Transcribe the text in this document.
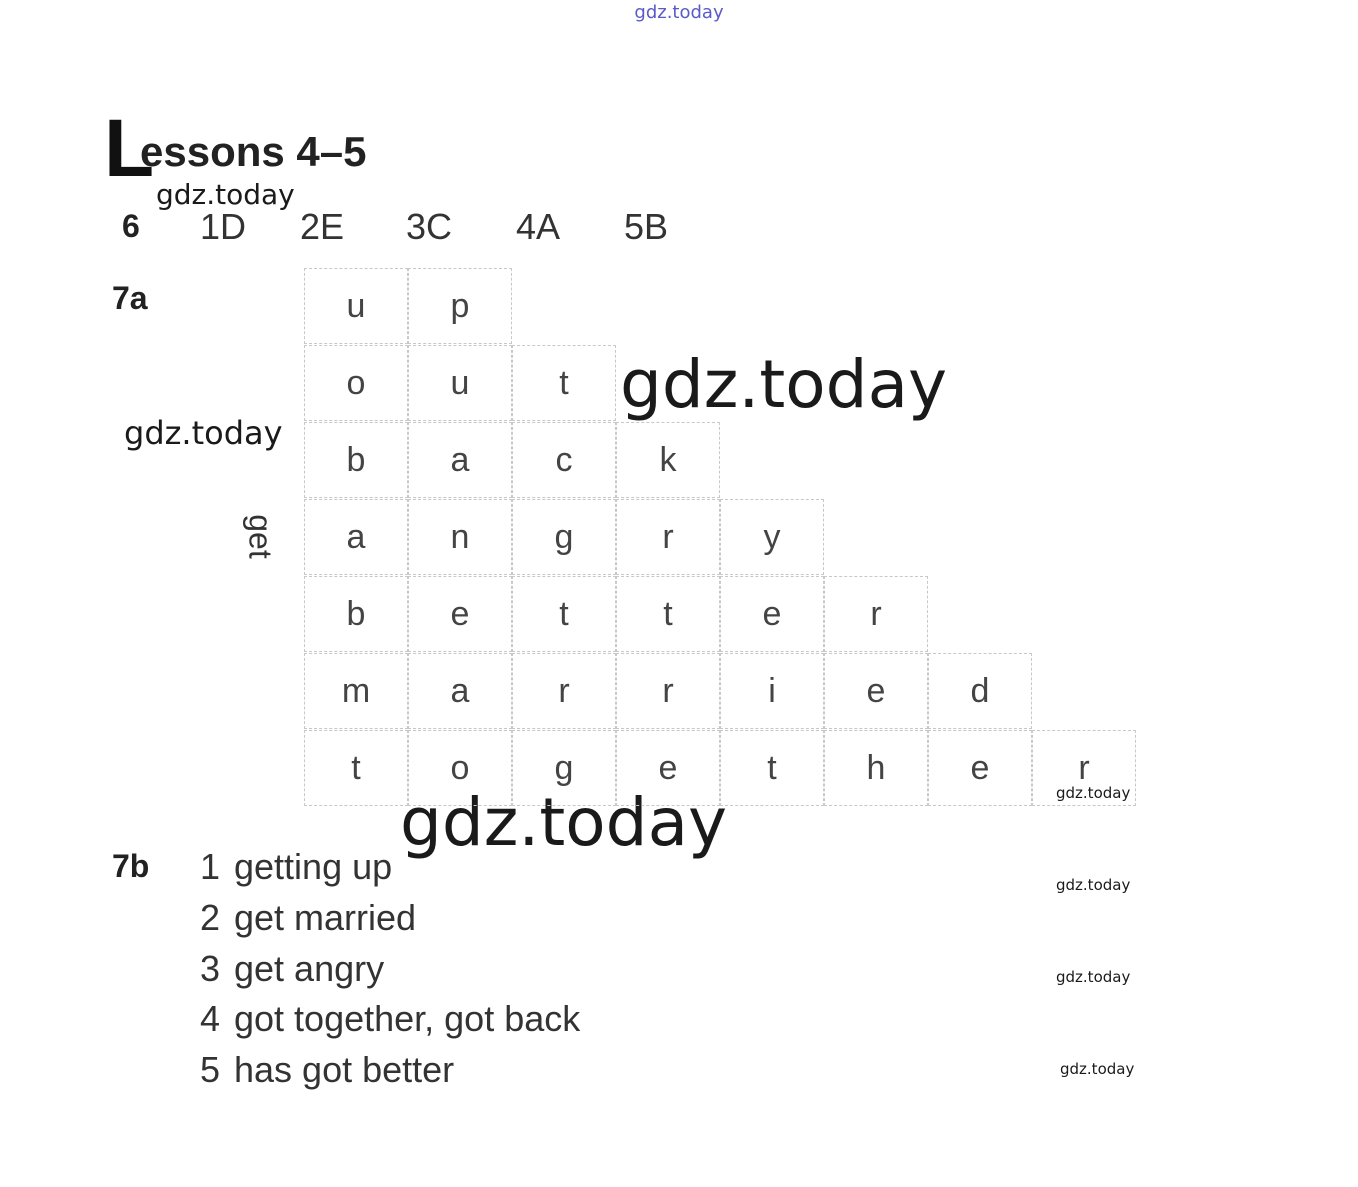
gdz.today
gdz.today
gdz.today
gdz.today
gdz.today	gdz.today
gdz.today
gdz.today
gdz.today
L
essons 4–5
6 1D 2E 3C 4A 5B
7a
get
u	p
o	u	t
b	a	c	k
a	n	g	r	y
b	e	t	t	e	r
m	a	r	r	i	e	d
t	o	g	e	t	h	e	r
7b 1 getting up
2 get married
3 get angry
4 got together, got back
5 has got better
